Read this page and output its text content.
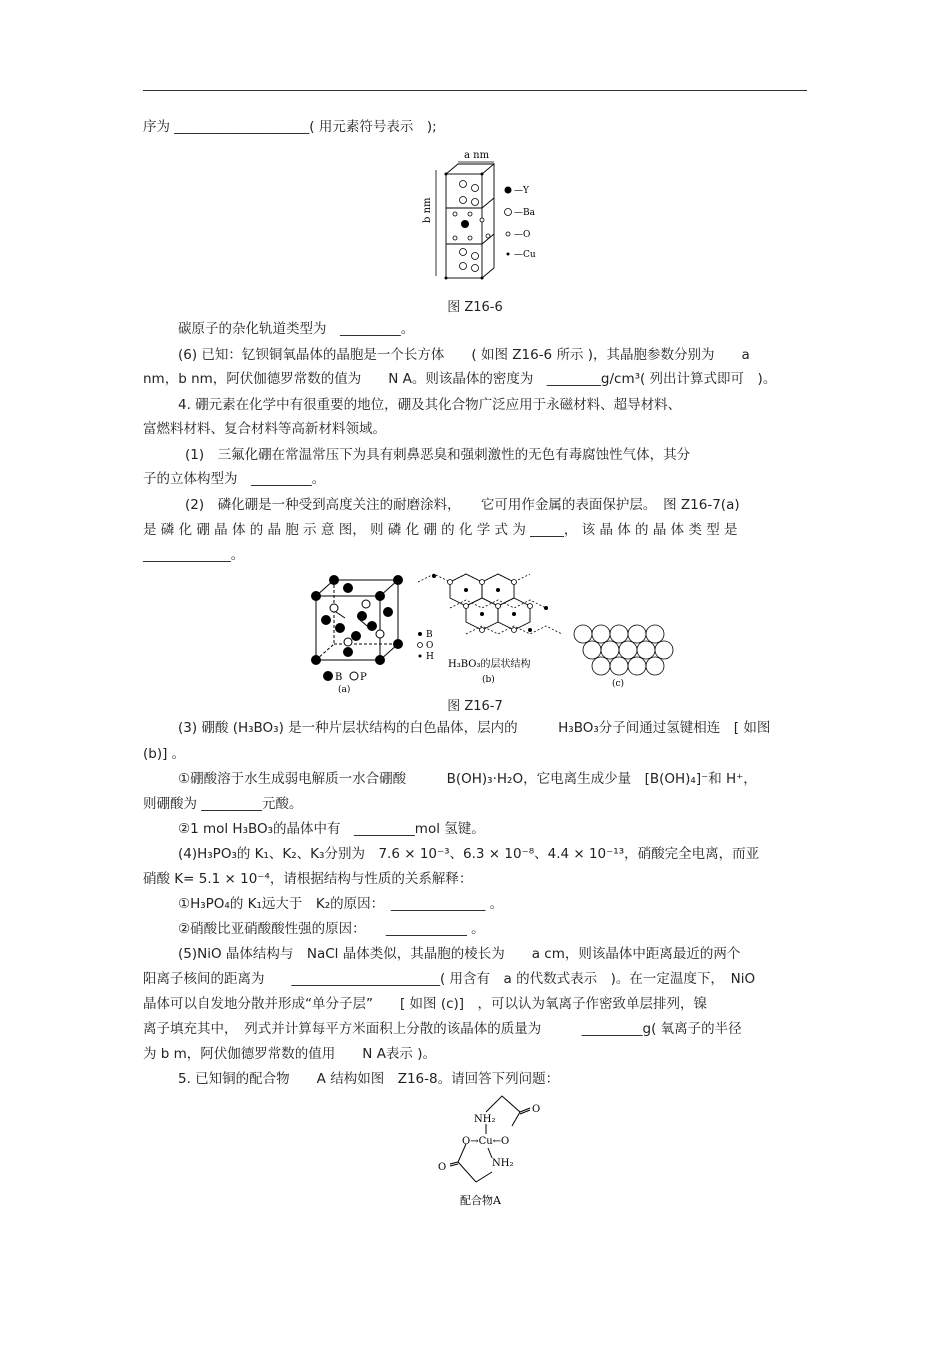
序为 ____________________( 用元素符号表示　);
a nm
b nm
—Y
—Ba
—O
—Cu
图 Z16-6
碳原子的杂化轨道类型为　_________。
(6) 已知：钇钡铜氧晶体的晶胞是一个长方体　　( 如图 Z16-6 所示 )，其晶胞参数分别为　　a
nm，b nm，阿伏伽德罗常数的值为　　N A。则该晶体的密度为　________g/cm³( 列出计算式即可　)。
4. 硼元素在化学中有很重要的地位，硼及其化合物广泛应用于永磁材料、超导材料、
富燃料材料、复合材料等高新材料领域。
(1)　三氟化硼在常温常压下为具有刺鼻恶臭和强刺激性的无色有毒腐蚀性气体，其分
子的立体构型为　_________。
(2)　磷化硼是一种受到高度关注的耐磨涂料，　　它可用作金属的表面保护层。　图 Z16-7(a)
是 磷 化 硼 晶 体 的 晶 胞 示 意 图， 则 磷 化 硼 的 化 学 式 为 _____， 该 晶 体 的 晶 体 类 型 是
_____________。
B P
(a)
B
O
H
H₃BO₃的层状结构
(b)	(c)
图 Z16-7
(3) 硼酸 (H₃BO₃) 是一种片层状结构的白色晶体，层内的　　　H₃BO₃分子间通过氢键相连　[ 如图
(b)] 。
①硼酸溶于水生成弱电解质一水合硼酸　　　B(OH)₃·H₂O，它电离生成少量　[B(OH)₄]⁻和 H⁺，
则硼酸为 _________元酸。
②1 mol H₃BO₃的晶体中有　_________mol 氢键。
(4)H₃PO₃的 K₁、K₂、K₃分别为　7.6 × 10⁻³、6.3 × 10⁻⁸、4.4 × 10⁻¹³，硝酸完全电离，而亚
硝酸 K= 5.1 × 10⁻⁴，请根据结构与性质的关系解释：
①H₃PO₄的 K₁远大于　K₂的原因：　______________ 。
②硝酸比亚硝酸酸性强的原因：　　____________ 。
(5)NiO 晶体结构与　NaCl 晶体类似，其晶胞的棱长为　　a cm，则该晶体中距离最近的两个
阳离子核间的距离为　　______________________( 用含有　a 的代数式表示　)。在一定温度下，　NiO
晶体可以自发地分散并形成“单分子层”　　[ 如图 (c)]　，可以认为氧离子作密致单层排列，镍
离子填充其中，　列式并计算每平方米面积上分散的该晶体的质量为　　　_________g( 氧离子的半径
为 b m，阿伏伽德罗常数的值用　　N A表示 )。
5. 已知铜的配合物　　A 结构如图　Z16-8。请回答下列问题：
NH₂
O→Cu←O
O
O	NH₂
配合物A
